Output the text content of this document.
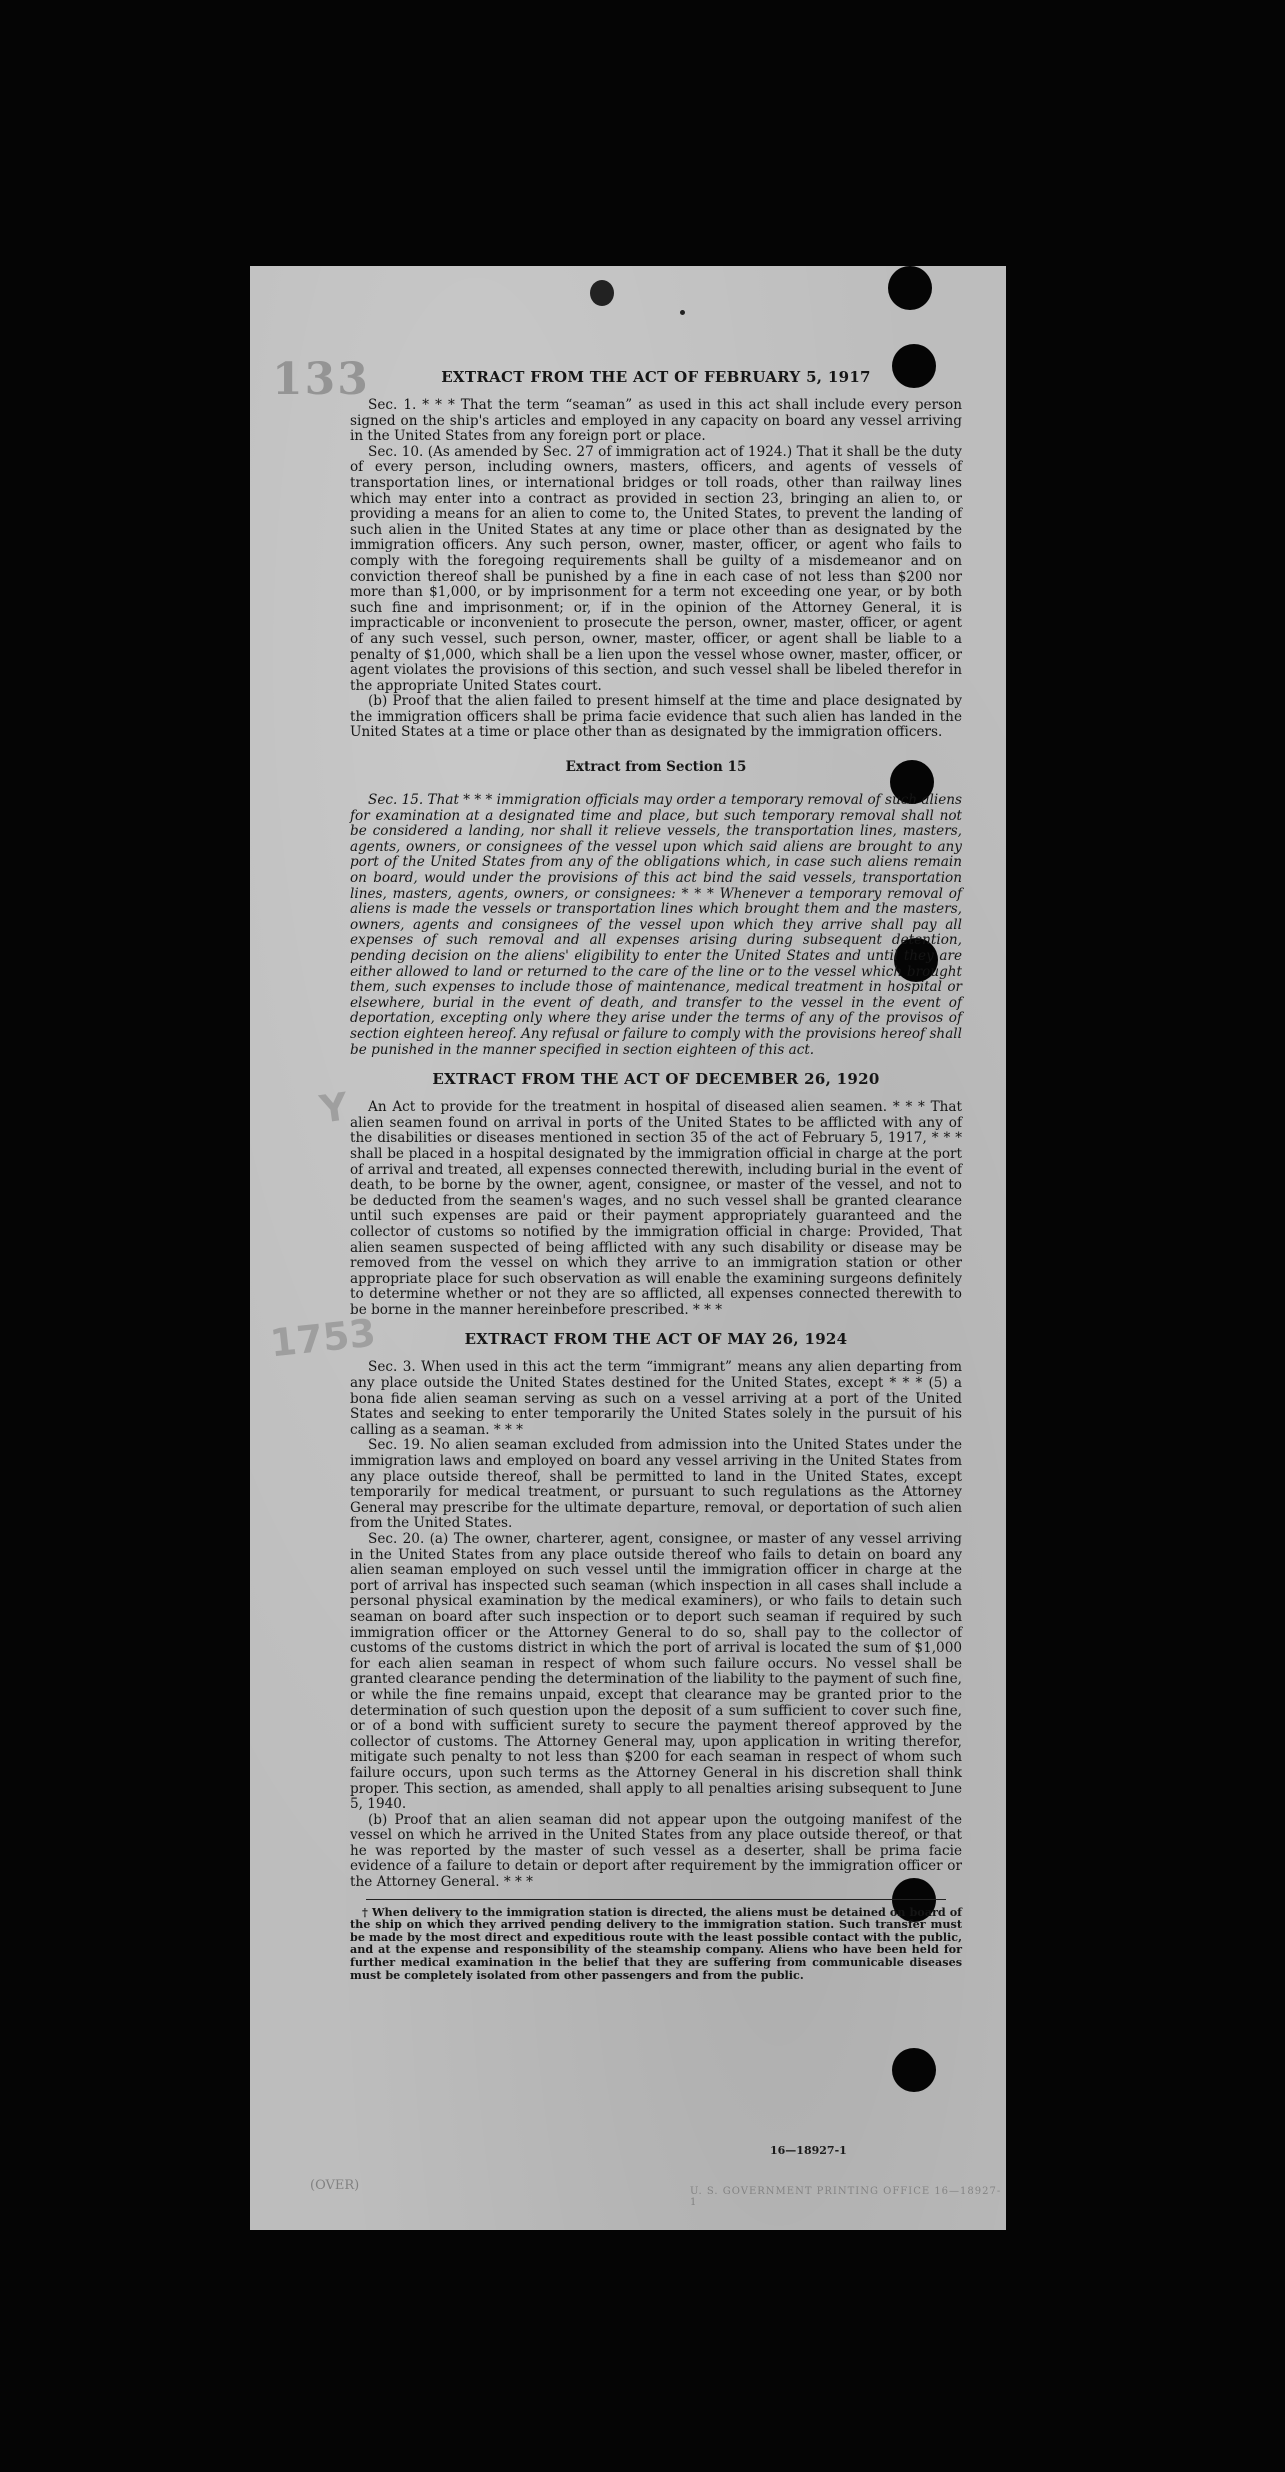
133
Y
1753
EXTRACT FROM THE ACT OF FEBRUARY 5, 1917

Sec. 1. * * * That the term “seaman” as used in this act shall include every person signed on the ship's articles and employed in any capacity on board any vessel arriving in the United States from any foreign port or place.

Sec. 10. (As amended by Sec. 27 of immigration act of 1924.) That it shall be the duty of every person, including owners, masters, officers, and agents of vessels of transportation lines, or international bridges or toll roads, other than railway lines which may enter into a contract as provided in section 23, bringing an alien to, or providing a means for an alien to come to, the United States, to prevent the landing of such alien in the United States at any time or place other than as designated by the immigration officers. Any such person, owner, master, officer, or agent who fails to comply with the foregoing requirements shall be guilty of a misdemeanor and on conviction thereof shall be punished by a fine in each case of not less than $200 nor more than $1,000, or by imprisonment for a term not exceeding one year, or by both such fine and imprisonment; or, if in the opinion of the Attorney General, it is impracticable or inconvenient to prosecute the person, owner, master, officer, or agent of any such vessel, such person, owner, master, officer, or agent shall be liable to a penalty of $1,000, which shall be a lien upon the vessel whose owner, master, officer, or agent violates the provisions of this section, and such vessel shall be libeled therefor in the appropriate United States court.

(b) Proof that the alien failed to present himself at the time and place designated by the immigration officers shall be prima facie evidence that such alien has landed in the United States at a time or place other than as designated by the immigration officers.

Extract from Section 15

Sec. 15. That * * * immigration officials may order a temporary removal of such aliens for examination at a designated time and place, but such temporary removal shall not be considered a landing, nor shall it relieve vessels, the transportation lines, masters, agents, owners, or consignees of the vessel upon which said aliens are brought to any port of the United States from any of the obligations which, in case such aliens remain on board, would under the provisions of this act bind the said vessels, transportation lines, masters, agents, owners, or consignees: * * * Whenever a temporary removal of aliens is made the vessels or transportation lines which brought them and the masters, owners, agents and consignees of the vessel upon which they arrive shall pay all expenses of such removal and all expenses arising during subsequent detention, pending decision on the aliens' eligibility to enter the United States and until they are either allowed to land or returned to the care of the line or to the vessel which brought them, such expenses to include those of maintenance, medical treatment in hospital or elsewhere, burial in the event of death, and transfer to the vessel in the event of deportation, excepting only where they arise under the terms of any of the provisos of section eighteen hereof. Any refusal or failure to comply with the provisions hereof shall be punished in the manner specified in section eighteen of this act.

EXTRACT FROM THE ACT OF DECEMBER 26, 1920

An Act to provide for the treatment in hospital of diseased alien seamen. * * * That alien seamen found on arrival in ports of the United States to be afflicted with any of the disabilities or diseases mentioned in section 35 of the act of February 5, 1917, * * * shall be placed in a hospital designated by the immigration official in charge at the port of arrival and treated, all expenses connected therewith, including burial in the event of death, to be borne by the owner, agent, consignee, or master of the vessel, and not to be deducted from the seamen's wages, and no such vessel shall be granted clearance until such expenses are paid or their payment appropriately guaranteed and the collector of customs so notified by the immigration official in charge: Provided, That alien seamen suspected of being afflicted with any such disability or disease may be removed from the vessel on which they arrive to an immigration station or other appropriate place for such observation as will enable the examining surgeons definitely to determine whether or not they are so afflicted, all expenses connected therewith to be borne in the manner hereinbefore prescribed. * * *

EXTRACT FROM THE ACT OF MAY 26, 1924

Sec. 3. When used in this act the term “immigrant” means any alien departing from any place outside the United States destined for the United States, except * * * (5) a bona fide alien seaman serving as such on a vessel arriving at a port of the United States and seeking to enter temporarily the United States solely in the pursuit of his calling as a seaman. * * *

Sec. 19. No alien seaman excluded from admission into the United States under the immigration laws and employed on board any vessel arriving in the United States from any place outside thereof, shall be permitted to land in the United States, except temporarily for medical treatment, or pursuant to such regulations as the Attorney General may prescribe for the ultimate departure, removal, or deportation of such alien from the United States.

Sec. 20. (a) The owner, charterer, agent, consignee, or master of any vessel arriving in the United States from any place outside thereof who fails to detain on board any alien seaman employed on such vessel until the immigration officer in charge at the port of arrival has inspected such seaman (which inspection in all cases shall include a personal physical examination by the medical examiners), or who fails to detain such seaman on board after such inspection or to deport such seaman if required by such immigration officer or the Attorney General to do so, shall pay to the collector of customs of the customs district in which the port of arrival is located the sum of $1,000 for each alien seaman in respect of whom such failure occurs. No vessel shall be granted clearance pending the determination of the liability to the payment of such fine, or while the fine remains unpaid, except that clearance may be granted prior to the determination of such question upon the deposit of a sum sufficient to cover such fine, or of a bond with sufficient surety to secure the payment thereof approved by the collector of customs. The Attorney General may, upon application in writing therefor, mitigate such penalty to not less than $200 for each seaman in respect of whom such failure occurs, upon such terms as the Attorney General in his discretion shall think proper. This section, as amended, shall apply to all penalties arising subsequent to June 5, 1940.

(b) Proof that an alien seaman did not appear upon the outgoing manifest of the vessel on which he arrived in the United States from any place outside thereof, or that he was reported by the master of such vessel as a deserter, shall be prima facie evidence of a failure to detain or deport after requirement by the immigration officer or the Attorney General. * * *

† When delivery to the immigration station is directed, the aliens must be detained on board of the ship on which they arrived pending delivery to the immigration station. Such transfer must be made by the most direct and expeditious route with the least possible contact with the public, and at the expense and responsibility of the steamship company. Aliens who have been held for further medical examination in the belief that they are suffering from communicable diseases must be completely isolated from other passengers and from the public.

16—18927-1
(OVER)	U. S. GOVERNMENT PRINTING OFFICE 16—18927-1
